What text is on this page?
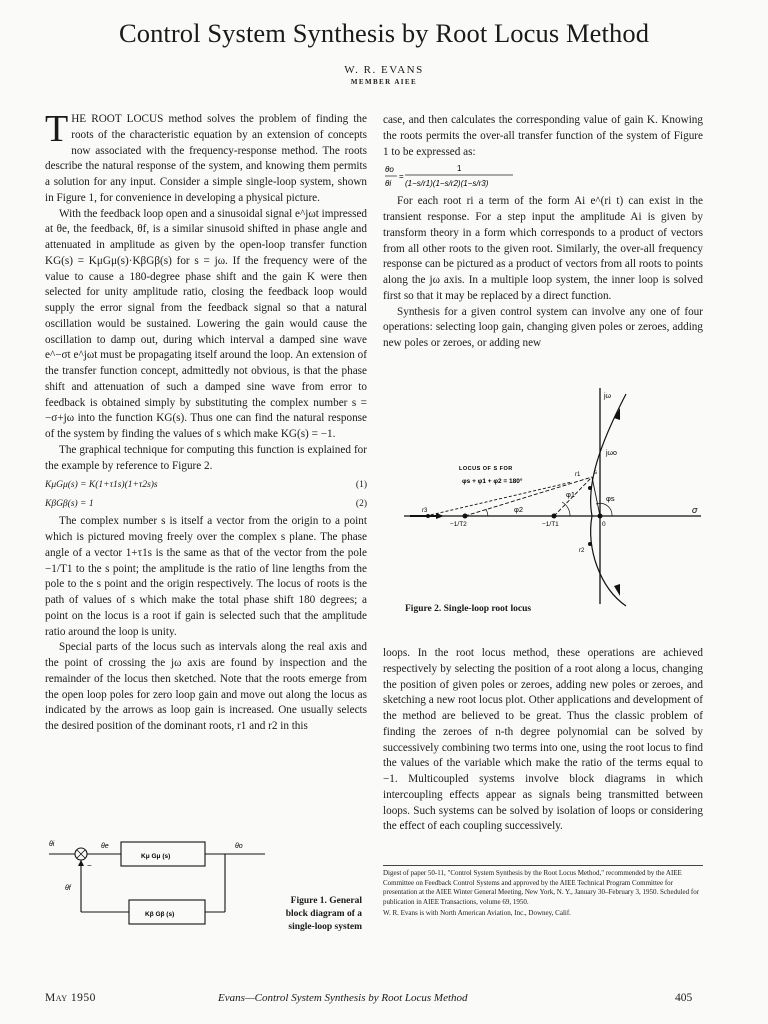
Control System Synthesis by Root Locus Method
W. R. EVANS
MEMBER AIEE

THE ROOT LOCUS method solves the problem of finding the roots of the characteristic equation by an extension of concepts now associated with the frequency-response method. The roots describe the natural response of the system, and knowing them permits a solution for any input. Consider a simple single-loop system, shown in Figure 1, for convenience in developing a physical picture.

With the feedback loop open and a sinusoidal signal e^jωt impressed at θe, the feedback, θf, is a similar sinusoid shifted in phase angle and attenuated in amplitude as given by the open-loop transfer function KG(s) = KμGμ(s)·KβGβ(s) for s = jω. If the frequency were of the value to cause a 180-degree phase shift and the gain K were then selected for unity amplitude ratio, closing the feedback loop would supply the error signal from the feedback signal so that a natural oscillation would be sustained. Lowering the gain would cause the oscillation to damp out, during which interval a damped sine wave e^−σt e^jωt must be propagating itself around the loop. An extension of the transfer function concept, admittedly not obvious, is that the phase shift and attenuation of such a damped sine wave from error to feedback is obtained simply by substituting the complex number s = −σ+jω into the function KG(s). Thus one can find the natural response of the system by finding the values of s which make KG(s) = −1.

The graphical technique for computing this function is explained for the example by reference to Figure 2.

KμGμ(s) = K(1+τ1s)(1+τ2s)s	(1)
KβGβ(s) = 1	(2)

The complex number s is itself a vector from the origin to a point which is pictured moving freely over the complex s plane. The phase angle of a vector 1+τ1s is the same as that of the vector from the pole −1/T1 to the s point; the amplitude is the ratio of line lengths from the pole to the s point and the origin respectively. The locus of roots is the path of values of s which make the total phase shift 180 degrees; a point on the locus is a root if gain is selected such that the amplitude ratio around the loop is unity.

Special parts of the locus such as intervals along the real axis and the point of crossing the jω axis are found by inspection and the remainder of the locus then sketched. Note that the roots emerge from the open loop poles for zero loop gain and move out along the locus as indicated by the arrows as loop gain is increased. One usually selects the desired position of the dominant roots, r1 and r2 in this

case, and then calculates the corresponding value of gain K. Knowing the roots permits the over-all transfer function of the system of Figure 1 to be expressed as:

θo
θi
=
1
(1−s/r1)(1−s/r2)(1−s/r3)

For each root ri a term of the form Ai e^(ri t) can exist in the transient response. For a step input the amplitude Ai is given by transform theory in a form which corresponds to a product of vectors from all other roots to the given root. Similarly, the over-all frequency response can be pictured as a product of vectors from all roots to points along the jω axis. In a multiple loop system, the inner loop is solved first so that it may be replaced by a direct function.

Synthesis for a given control system can involve any one of four operations: selecting loop gain, changing given poles or zeroes, adding new poles or zeroes, or adding new

jω
jωo
σ
LOCUS OF S FOR
φs + φ1 + φ2 = 180°
φ2
φ1	φs
r1
r2
r3
s
−1/T2	−1/T1	0
Figure 2. Single-loop root locus

loops. In the root locus method, these operations are achieved respectively by selecting the position of a root along a locus, changing the position of given poles or zeroes, adding new poles or zeroes, and sketching a new root locus plot. Other applications and development of the method are believed to be great. Thus the classic problem of finding the zeroes of n-th degree polynomial can be solved by successively combining two terms into one, using the root locus to find the values of the variable which make the ratio of the terms equal to −1. Multicoupled systems involve block diagrams in which intercoupling effects appear as signals being transmitted between loops. Such systems can be solved by isolation of loops or considering the effect of each coupling successively.

Digest of paper 50-11, "Control System Synthesis by the Root Locus Method," recommended by the AIEE Committee on Feedback Control Systems and approved by the AIEE Technical Program Committee for presentation at the AIEE Winter General Meeting, New York, N. Y., January 30–February 3, 1950. Scheduled for publication in AIEE Transactions, volume 69, 1950.
W. R. Evans is with North American Aviation, Inc., Downey, Calif.
Kμ Gμ (s)
Kβ Gβ (s)
θi	θe	θo
θf
−
Figure 1. General
block diagram of a
single-loop system
May 1950	Evans—Control System Synthesis by Root Locus Method	405
